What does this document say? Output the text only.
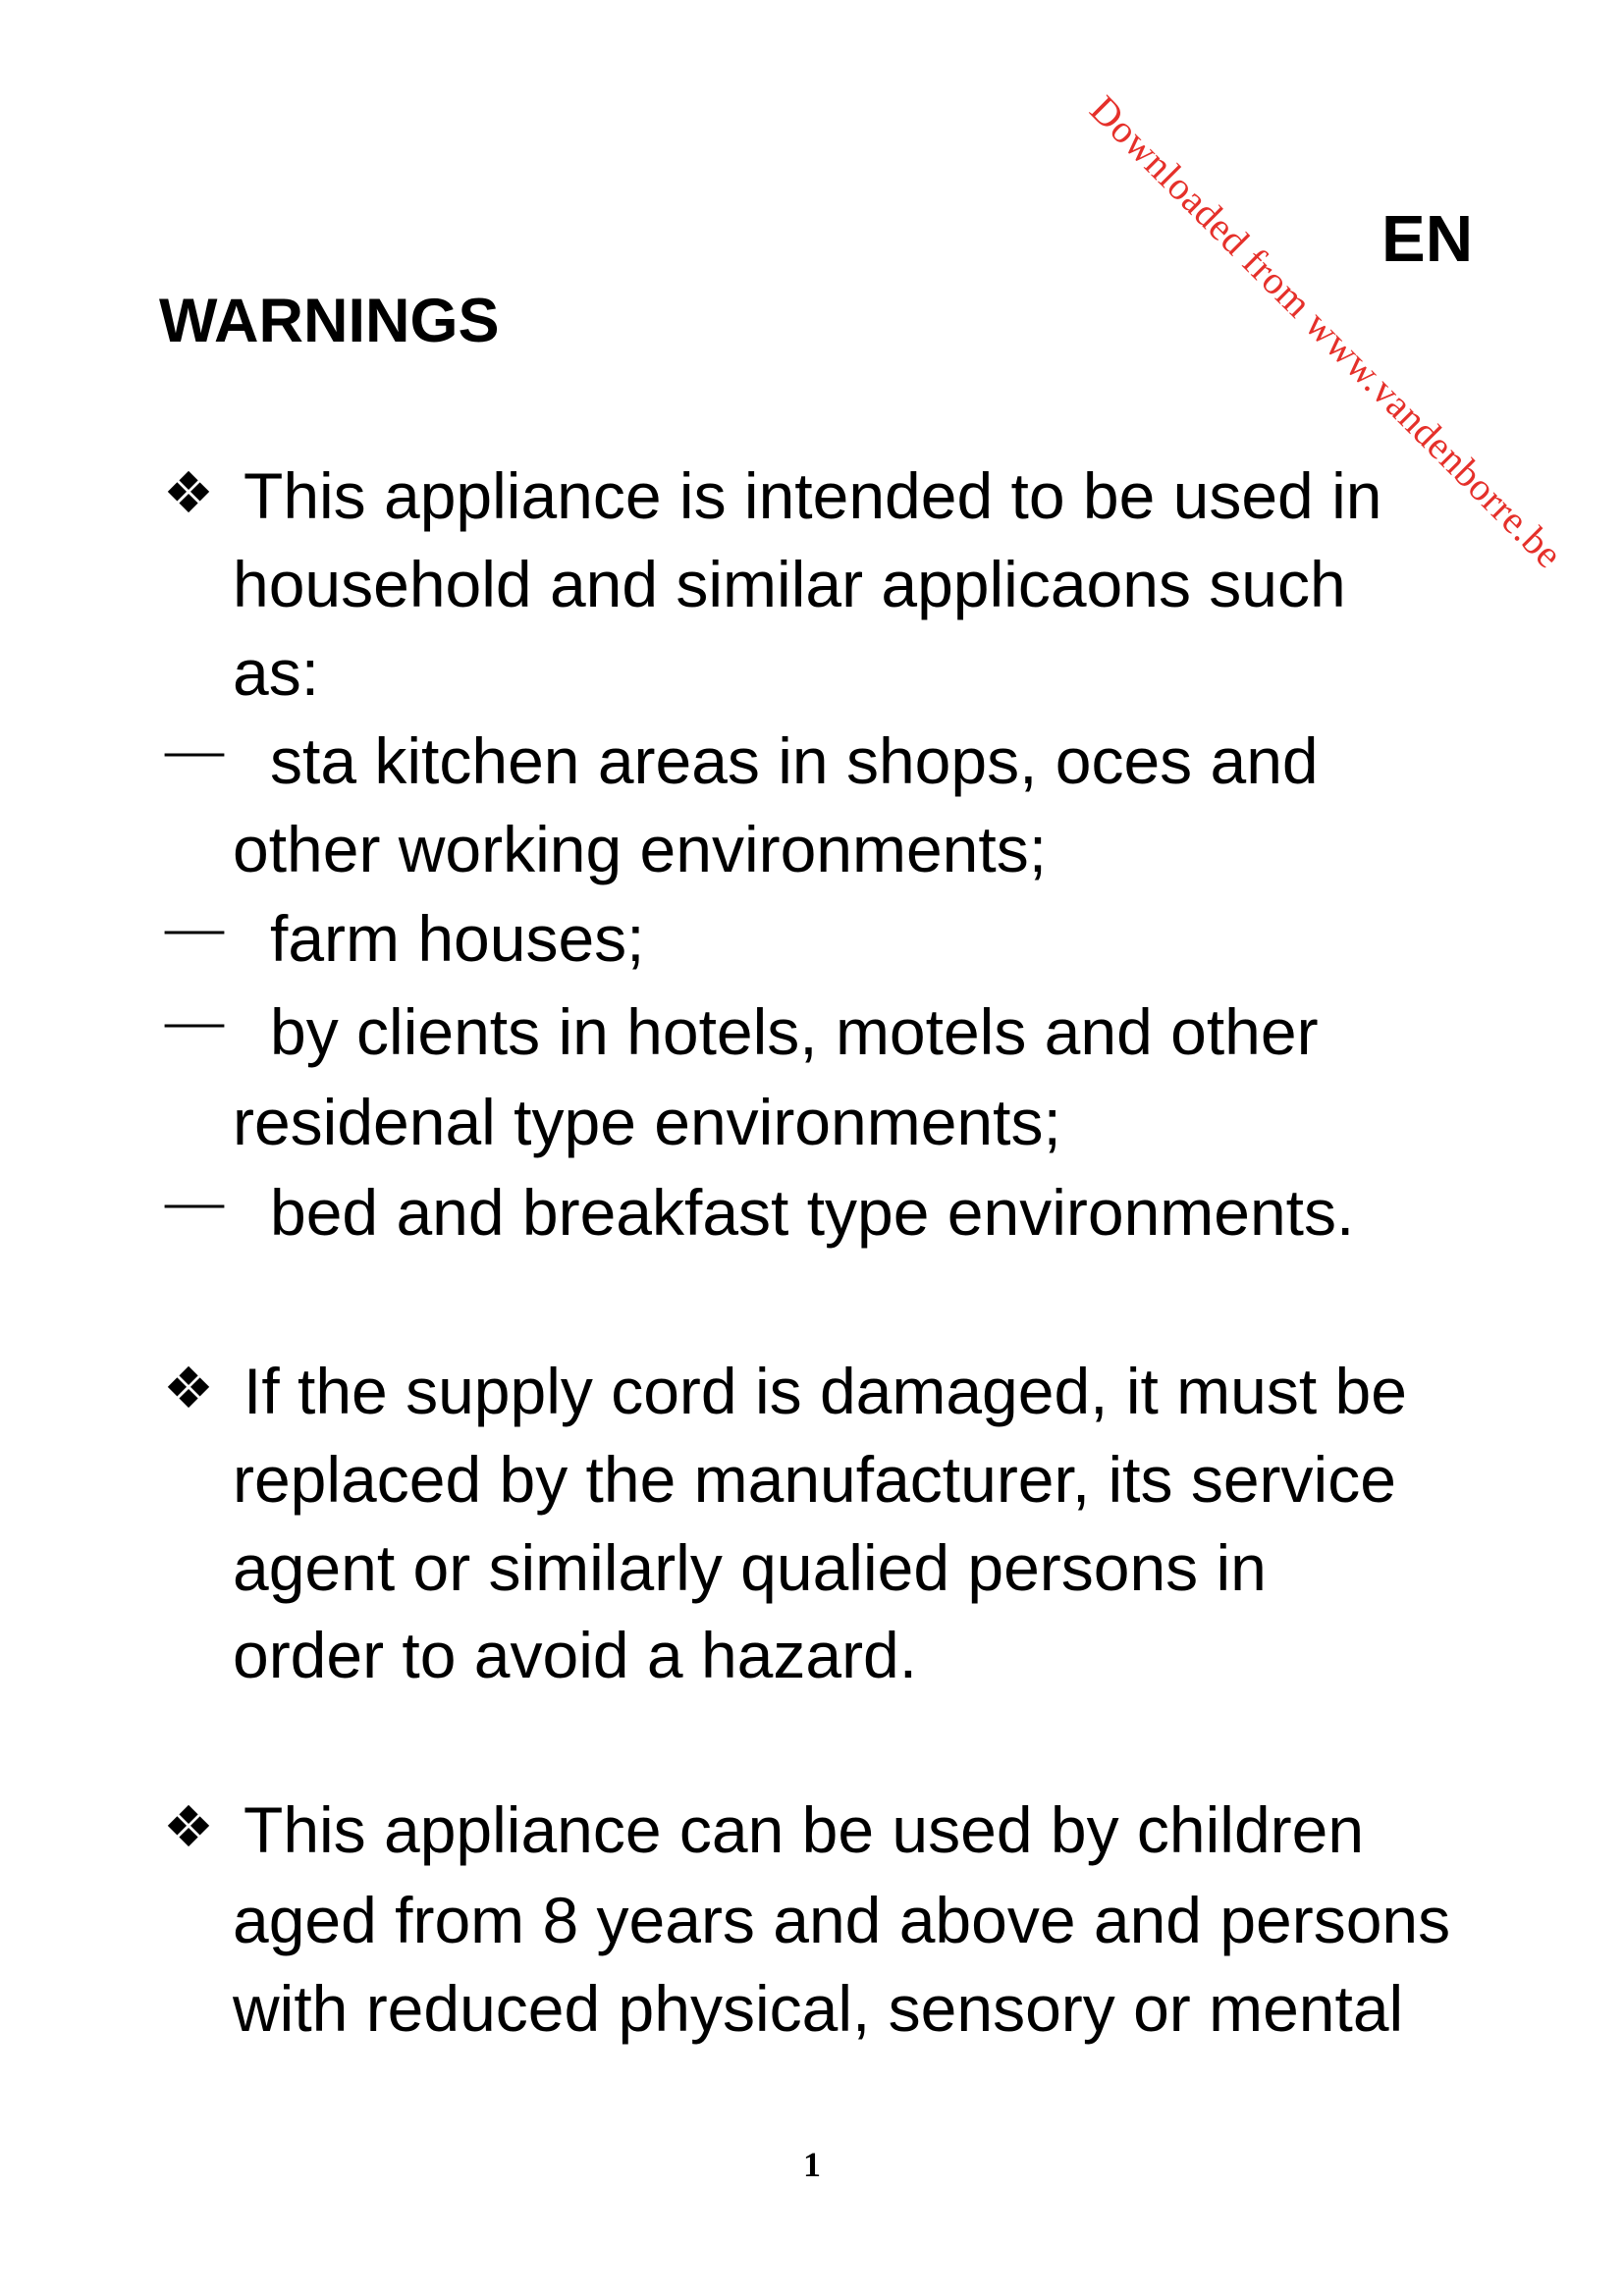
Downloaded from www.vandenborre.be
EN
WARNINGS
❖ This appliance is intended to be used in
household and similar applicaons such
as:
— sta kitchen areas in shops, oces and
other working environments;
— farm houses;
— by clients in hotels, motels and other
residenal type environments;
— bed and breakfast type environments.
❖ If the supply cord is damaged, it must be
replaced by the manufacturer, its service
agent or similarly qualied persons in
order to avoid a hazard.
❖ This appliance can be used by children
aged from 8 years and above and persons
with reduced physical, sensory or mental
1
